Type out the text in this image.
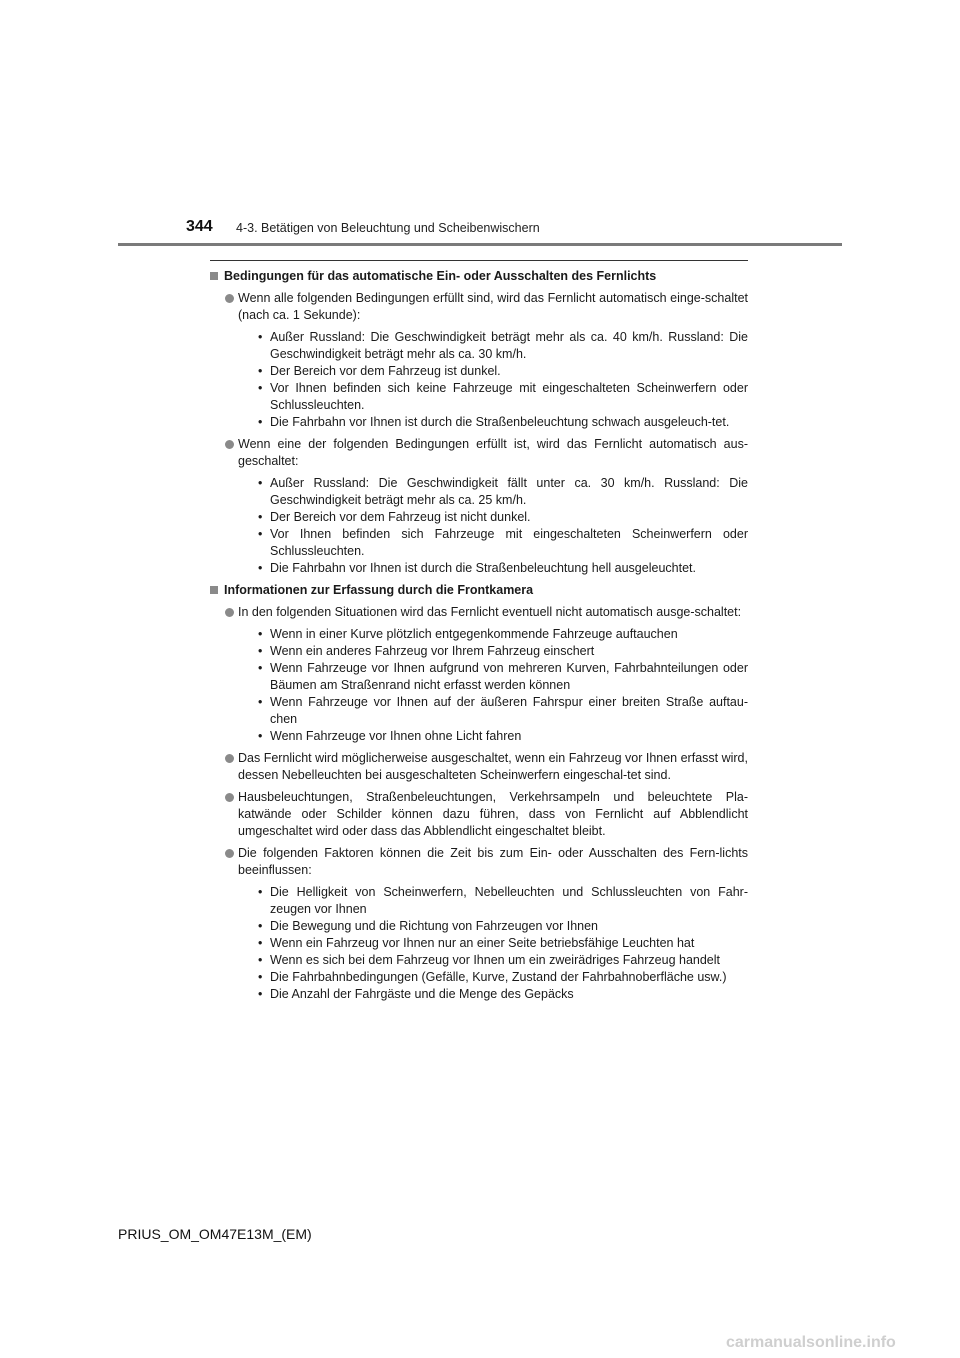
344 4-3. Betätigen von Beleuchtung und Scheibenwischern
Bedingungen für das automatische Ein- oder Ausschalten des Fernlichts
Wenn alle folgenden Bedingungen erfüllt sind, wird das Fernlicht automatisch einge-schaltet (nach ca. 1 Sekunde):
• Außer Russland: Die Geschwindigkeit beträgt mehr als ca. 40 km/h. Russland: Die Geschwindigkeit beträgt mehr als ca. 30 km/h.
• Der Bereich vor dem Fahrzeug ist dunkel.
• Vor Ihnen befinden sich keine Fahrzeuge mit eingeschalteten Scheinwerfern oder Schlussleuchten.
• Die Fahrbahn vor Ihnen ist durch die Straßenbeleuchtung schwach ausgeleuch-tet.
Wenn eine der folgenden Bedingungen erfüllt ist, wird das Fernlicht automatisch aus-geschaltet:
• Außer Russland: Die Geschwindigkeit fällt unter ca. 30 km/h. Russland: Die Geschwindigkeit beträgt mehr als ca. 25 km/h.
• Der Bereich vor dem Fahrzeug ist nicht dunkel.
• Vor Ihnen befinden sich Fahrzeuge mit eingeschalteten Scheinwerfern oder Schlussleuchten.
• Die Fahrbahn vor Ihnen ist durch die Straßenbeleuchtung hell ausgeleuchtet.
Informationen zur Erfassung durch die Frontkamera
In den folgenden Situationen wird das Fernlicht eventuell nicht automatisch ausge-schaltet:
• Wenn in einer Kurve plötzlich entgegenkommende Fahrzeuge auftauchen
• Wenn ein anderes Fahrzeug vor Ihrem Fahrzeug einschert
• Wenn Fahrzeuge vor Ihnen aufgrund von mehreren Kurven, Fahrbahnteilungen oder Bäumen am Straßenrand nicht erfasst werden können
• Wenn Fahrzeuge vor Ihnen auf der äußeren Fahrspur einer breiten Straße auftau-chen
• Wenn Fahrzeuge vor Ihnen ohne Licht fahren
Das Fernlicht wird möglicherweise ausgeschaltet, wenn ein Fahrzeug vor Ihnen erfasst wird, dessen Nebelleuchten bei ausgeschalteten Scheinwerfern eingeschal-tet sind.
Hausbeleuchtungen, Straßenbeleuchtungen, Verkehrsampeln und beleuchtete Pla-katwände oder Schilder können dazu führen, dass von Fernlicht auf Abblendlicht umgeschaltet wird oder dass das Abblendlicht eingeschaltet bleibt.
Die folgenden Faktoren können die Zeit bis zum Ein- oder Ausschalten des Fern-lichts beeinflussen:
• Die Helligkeit von Scheinwerfern, Nebelleuchten und Schlussleuchten von Fahr-zeugen vor Ihnen
• Die Bewegung und die Richtung von Fahrzeugen vor Ihnen
• Wenn ein Fahrzeug vor Ihnen nur an einer Seite betriebsfähige Leuchten hat
• Wenn es sich bei dem Fahrzeug vor Ihnen um ein zweirädriges Fahrzeug handelt
• Die Fahrbahnbedingungen (Gefälle, Kurve, Zustand der Fahrbahnoberfläche usw.)
• Die Anzahl der Fahrgäste und die Menge des Gepäcks
PRIUS_OM_OM47E13M_(EM)
carmanualsonline.info
